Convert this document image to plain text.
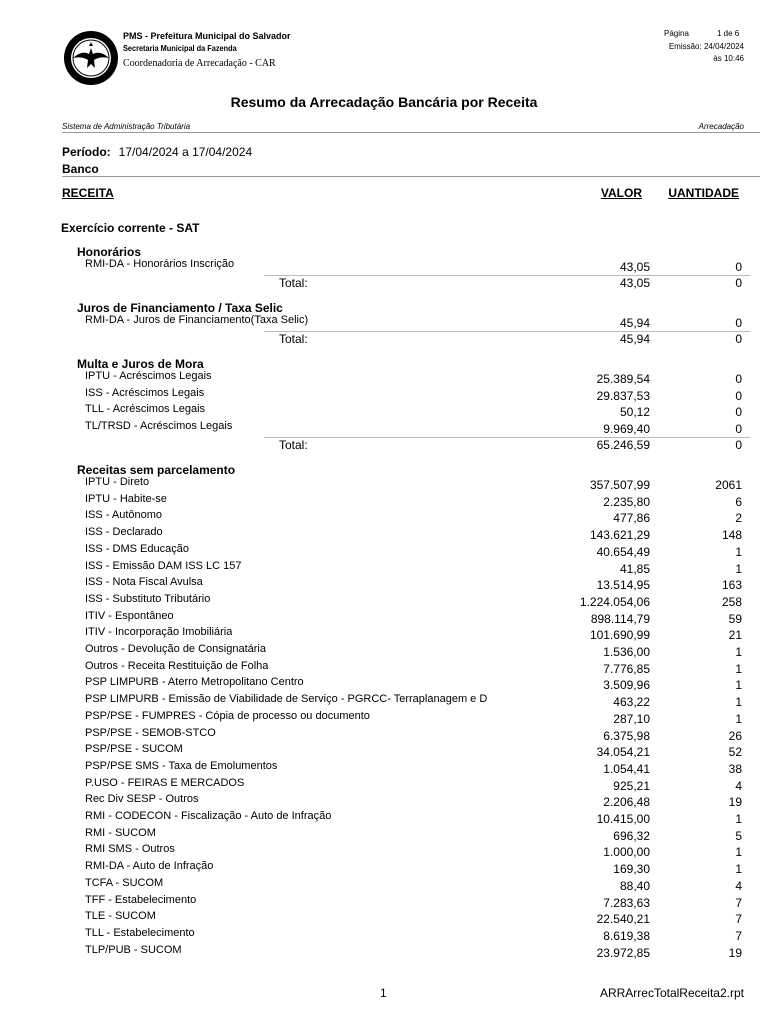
PMS - Prefeitura Municipal do Salvador
Secretaria Municipal da Fazenda
Coordenadoria de Arrecadação - CAR
Página	1 de 6
Emissão: 24/04/2024
às 10:46
Resumo da Arrecadação Bancária por Receita
Sistema de Administração Tributária	Arrecadação
Período: 17/04/2024 a 17/04/2024
Banco
RECEITA	VALOR UANTIDADE
Exercício corrente - SAT
Honorários
RMI-DA - Honorários Inscrição	43,05	0
Total:	43,05	0
Juros de Financiamento / Taxa Selic
RMI-DA - Juros de Financiamento(Taxa Selic)	45,94	0
Total:	45,94	0
Multa e Juros de Mora
IPTU - Acréscimos Legais	25.389,54	0
ISS - Acréscimos Legais	29.837,53	0
TLL - Acréscimos Legais	50,12	0
TL/TRSD - Acréscimos Legais	9.969,40	0
Total:	65.246,59	0
Receitas sem parcelamento
IPTU - Direto	357.507,99	2061
IPTU - Habite-se	2.235,80	6
ISS - Autônomo	477,86	2
ISS - Declarado	143.621,29	148
ISS - DMS Educação	40.654,49	1
ISS - Emissão DAM ISS LC 157	41,85	1
ISS - Nota Fiscal Avulsa	13.514,95	163
ISS - Substituto Tributário	1.224.054,06	258
ITIV - Espontâneo	898.114,79	59
ITIV - Incorporação Imobiliária	101.690,99	21
Outros - Devolução de Consignatária	1.536,00	1
Outros - Receita Restituição de Folha	7.776,85	1
PSP LIMPURB - Aterro Metropolitano Centro	3.509,96	1
PSP LIMPURB - Emissão de Viabilidade de Serviço - PGRCC- Terraplanagem e D	463,22	1
PSP/PSE - FUMPRES - Cópia de processo ou documento	287,10	1
PSP/PSE - SEMOB-STCO	6.375,98	26
PSP/PSE - SUCOM	34.054,21	52
PSP/PSE SMS - Taxa de Emolumentos	1.054,41	38
P.USO - FEIRAS E MERCADOS	925,21	4
Rec Div SESP - Outros	2.206,48	19
RMI - CODECON - Fiscalização - Auto de Infração	10.415,00	1
RMI - SUCOM	696,32	5
RMI SMS - Outros	1.000,00	1
RMI-DA - Auto de Infração	169,30	1
TCFA - SUCOM	88,40	4
TFF - Estabelecimento	7.283,63	7
TLE - SUCOM	22.540,21	7
TLL - Estabelecimento	8.619,38	7
TLP/PUB - SUCOM	23.972,85	19
1	ARRArrecTotalReceita2.rpt
